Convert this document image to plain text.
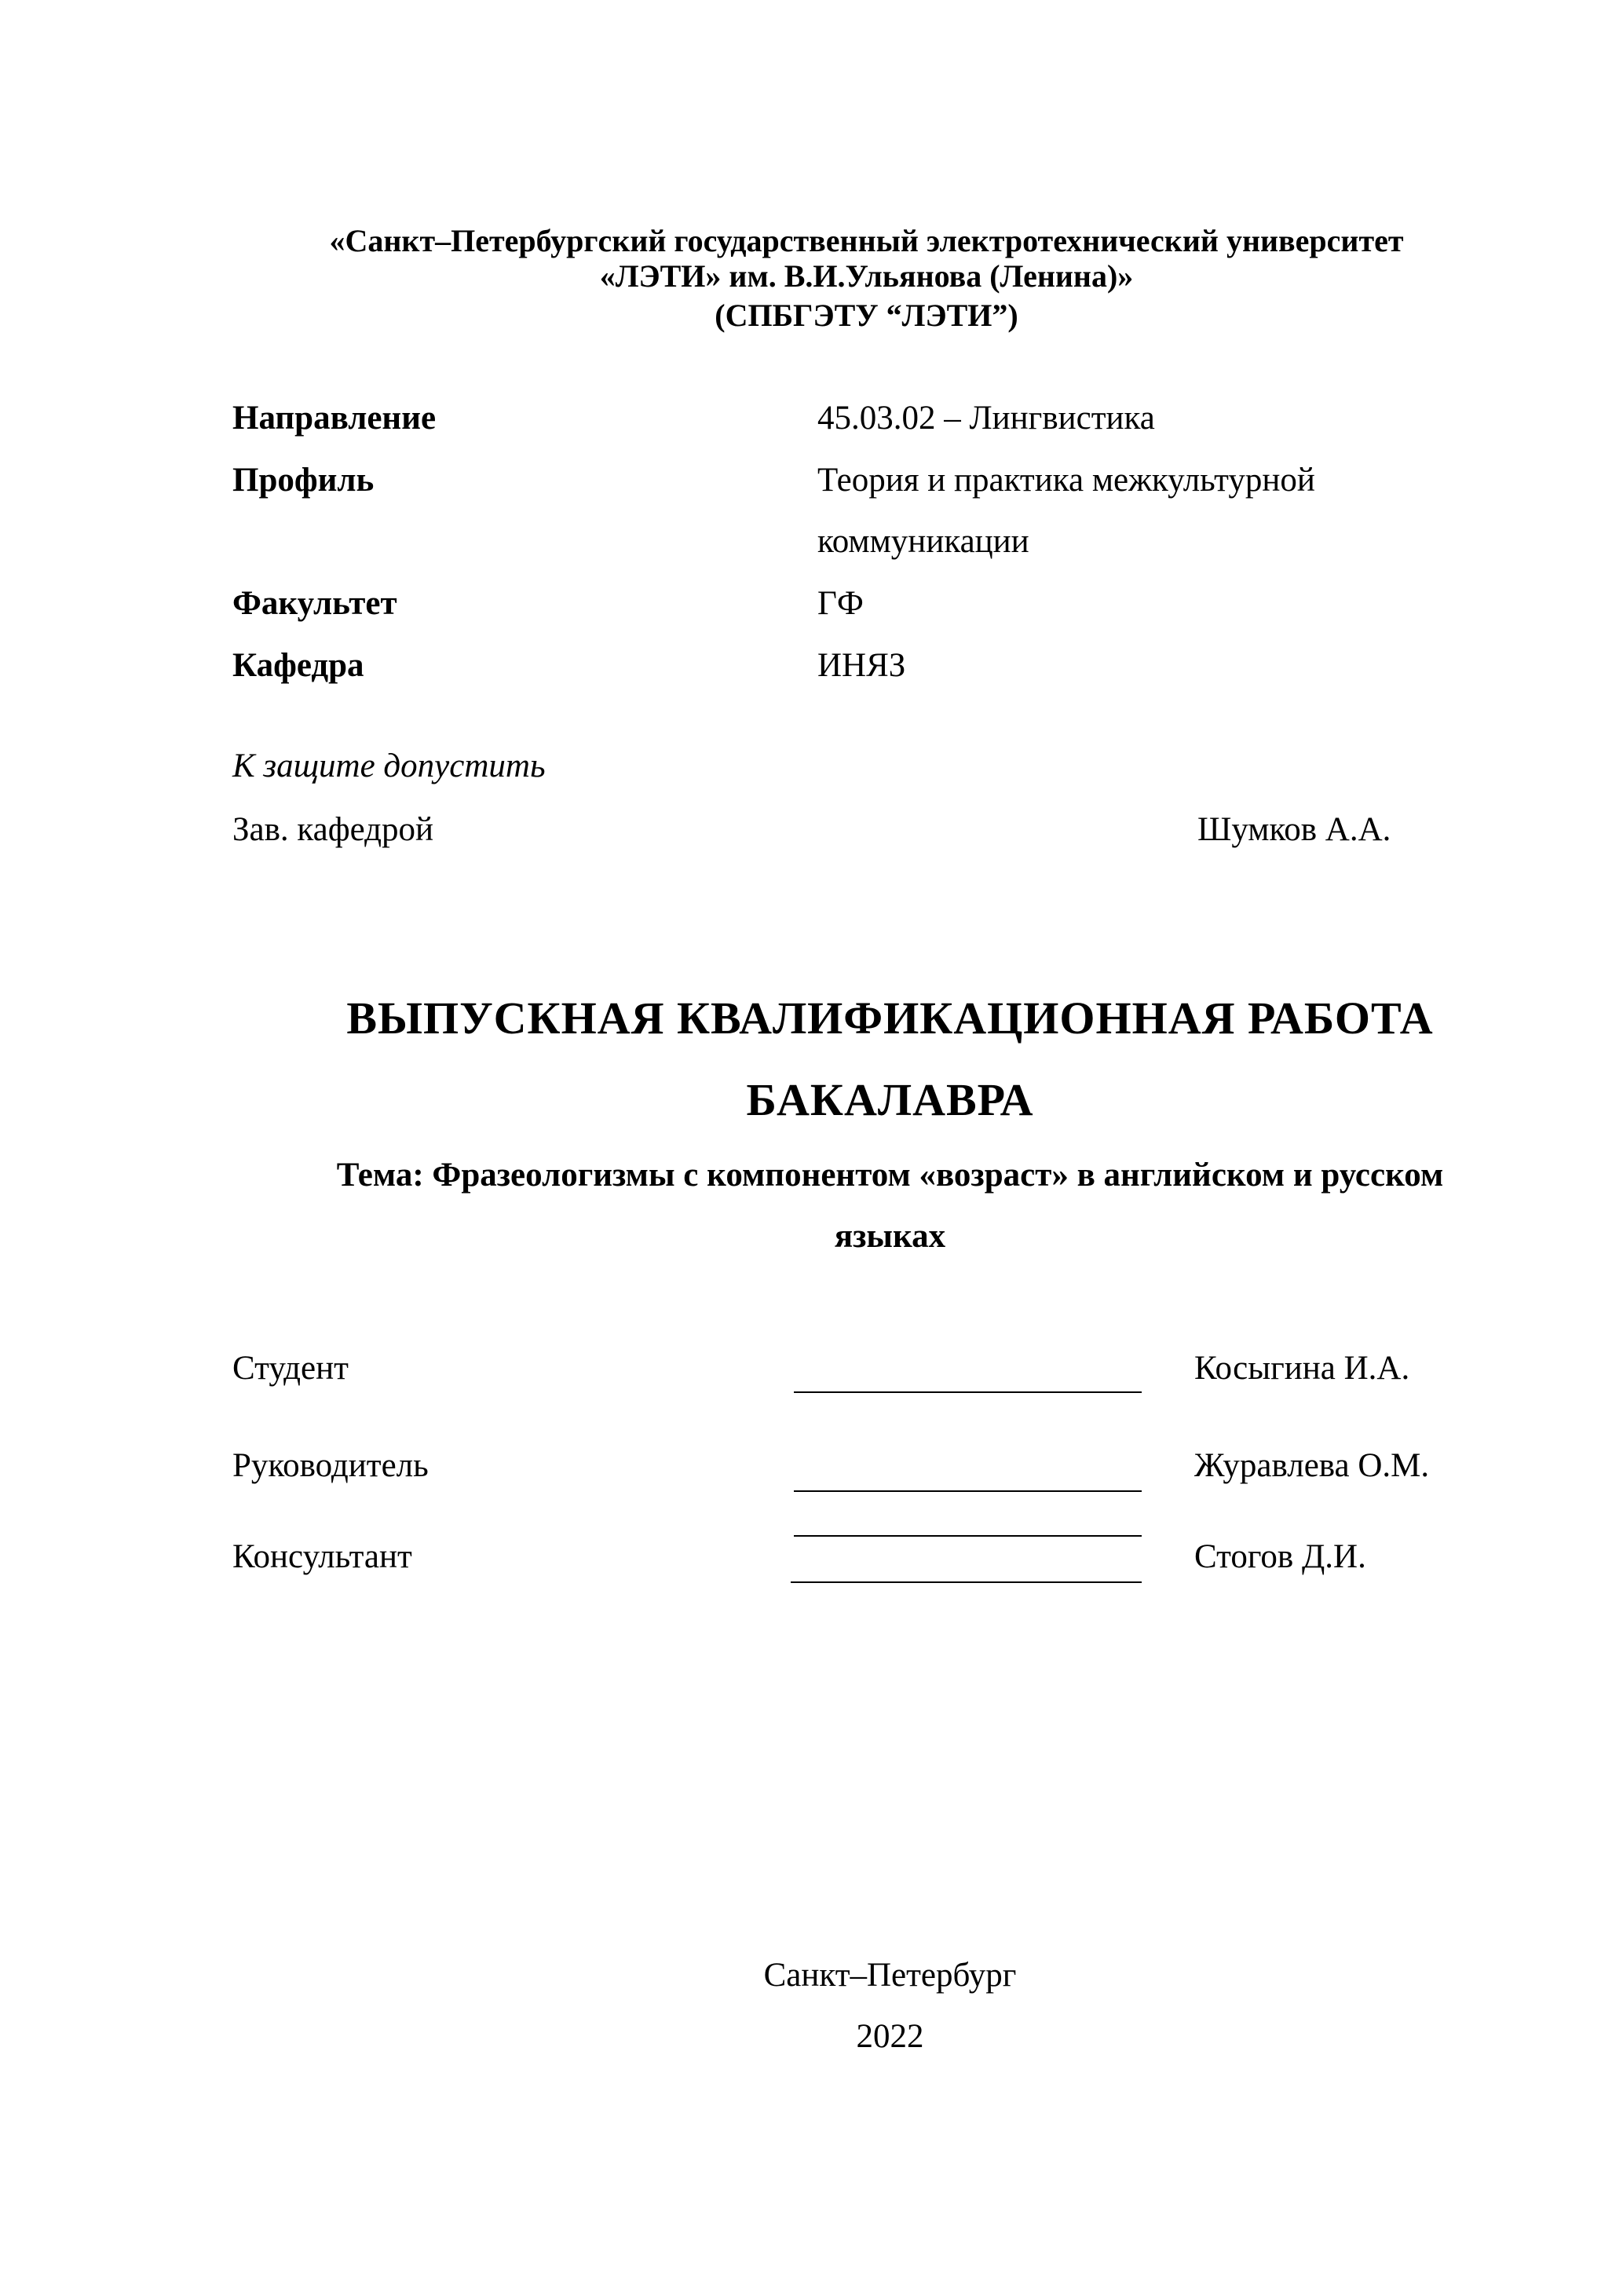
«Санкт–Петербургский государственный электротехнический университет
«ЛЭТИ» им. В.И.Ульянова (Ленина)»
(СПБГЭТУ “ЛЭТИ”)
Направление	45.03.02 – Лингвистика
Профиль	Теория и практика межкультурной
коммуникации
Факультет	ГФ
Кафедра	ИНЯЗ
К защите допустить
Зав. кафедрой	Шумков А.А.
ВЫПУСКНАЯ КВАЛИФИКАЦИОННАЯ РАБОТА
БАКАЛАВРА
Тема: Фразеологизмы с компонентом «возраст» в английском и русском
языках
Студент	Косыгина И.А.
Руководитель	Журавлева О.М.
Консультант	Стогов Д.И.
Санкт–Петербург
2022
